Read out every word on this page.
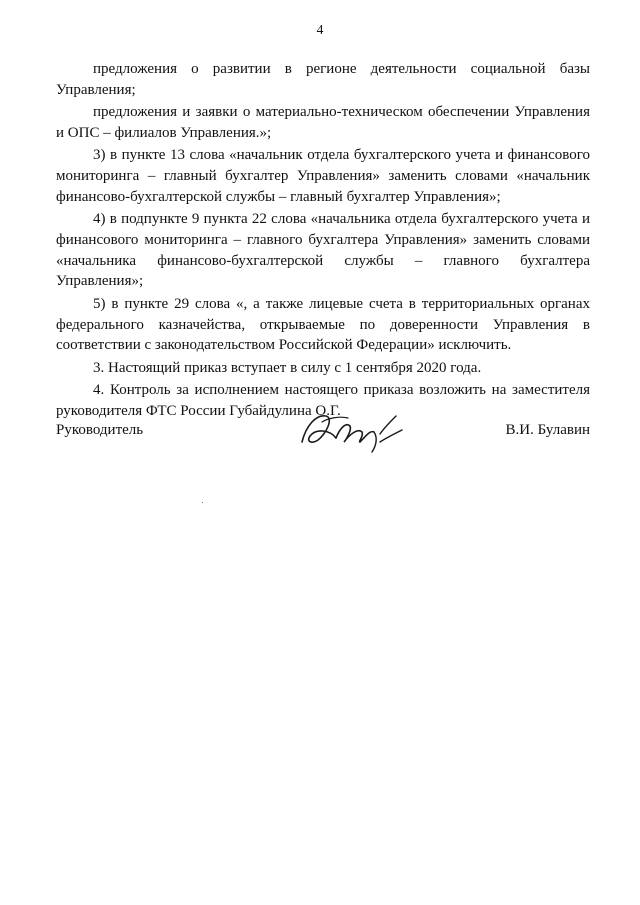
4

предложения о развитии в регионе деятельности социальной базы Управления;

предложения и заявки о материально-техническом обеспечении Управления и ОПС – филиалов Управления.»;

3) в пункте 13 слова «начальник отдела бухгалтерского учета и финансового мониторинга – главный бухгалтер Управления» заменить словами «начальник финансово-бухгалтерской службы – главный бухгалтер Управления»;

4) в подпункте 9 пункта 22 слова «начальника отдела бухгалтерского учета и финансового мониторинга – главного бухгалтера Управления» заменить словами «начальника финансово-бухгалтерской службы – главного бухгалтера Управления»;

5) в пункте 29 слова «, а также лицевые счета в территориальных органах федерального казначейства, открываемые по доверенности Управления в соответствии с законодательством Российской Федерации» исключить.

3. Настоящий приказ вступает в силу с 1 сентября 2020 года.

4. Контроль за исполнением настоящего приказа возложить на заместителя руководителя ФТС России Губайдулина О.Г.

Руководитель	В.И. Булавин
